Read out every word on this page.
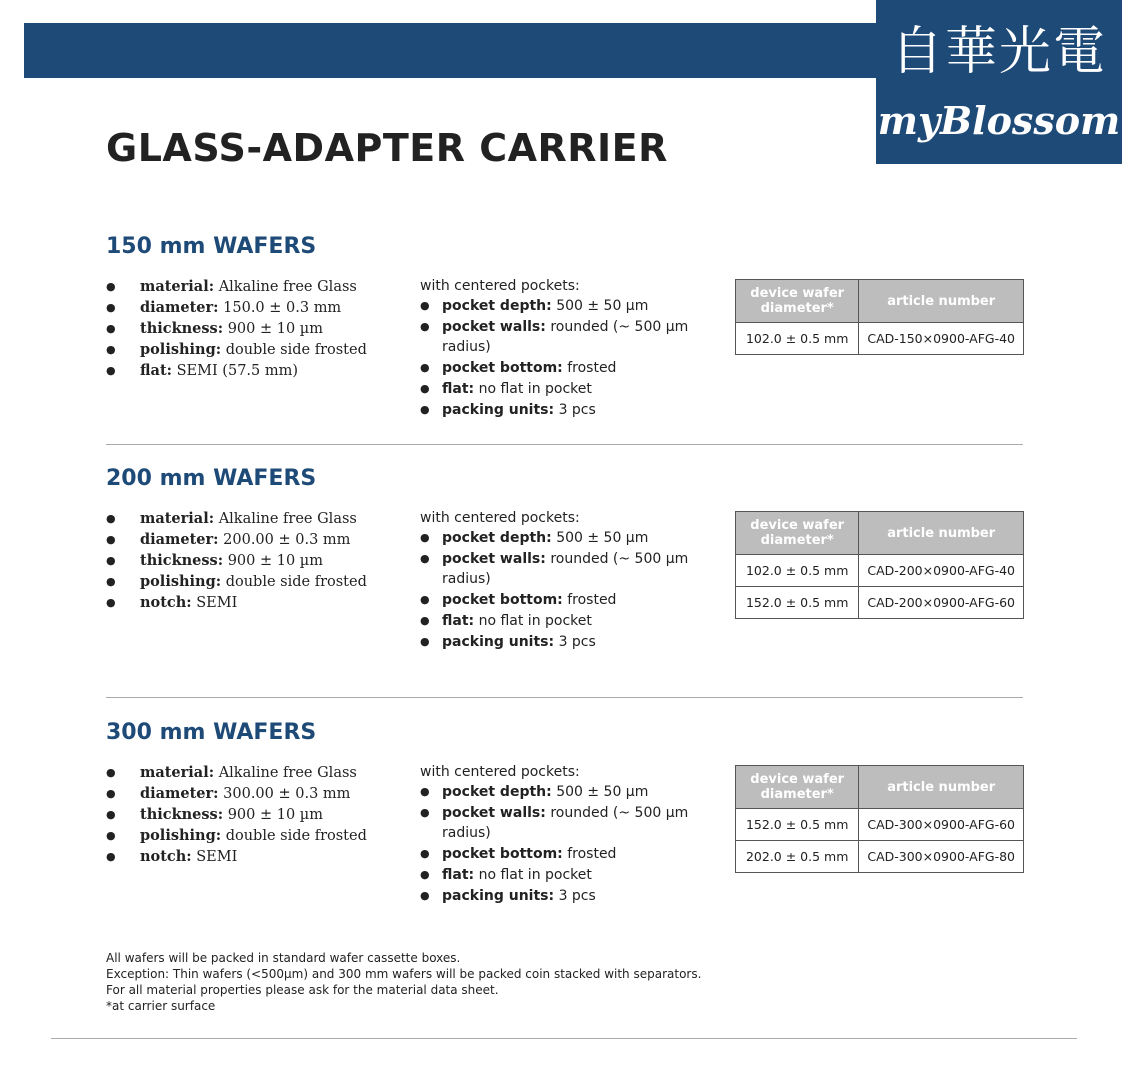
自華光電
myBlossom
GLASS-ADAPTER CARRIER
150 mm WAFERS
● material: Alkaline free Glass
● diameter: 150.0 ± 0.3 mm
● thickness: 900 ± 10 µm
● polishing: double side frosted
● flat: SEMI (57.5 mm)
with centered pockets:
● pocket depth: 500 ± 50 µm
● pocket walls: rounded (~ 500 µm radius)
● pocket bottom: frosted
● flat: no flat in pocket
● packing units: 3 pcs
device wafer diameter*	article number
102.0 ± 0.5 mm	CAD-150×0900-AFG-40
200 mm WAFERS
● material: Alkaline free Glass
● diameter: 200.00 ± 0.3 mm
● thickness: 900 ± 10 µm
● polishing: double side frosted
● notch: SEMI
with centered pockets:
● pocket depth: 500 ± 50 µm
● pocket walls: rounded (~ 500 µm radius)
● pocket bottom: frosted
● flat: no flat in pocket
● packing units: 3 pcs
device wafer diameter*	article number
102.0 ± 0.5 mm	CAD-200×0900-AFG-40
152.0 ± 0.5 mm	CAD-200×0900-AFG-60
300 mm WAFERS
● material: Alkaline free Glass
● diameter: 300.00 ± 0.3 mm
● thickness: 900 ± 10 µm
● polishing: double side frosted
● notch: SEMI
with centered pockets:
● pocket depth: 500 ± 50 µm
● pocket walls: rounded (~ 500 µm radius)
● pocket bottom: frosted
● flat: no flat in pocket
● packing units: 3 pcs
device wafer diameter*	article number
152.0 ± 0.5 mm	CAD-300×0900-AFG-60
202.0 ± 0.5 mm	CAD-300×0900-AFG-80
All wafers will be packed in standard wafer cassette boxes.
Exception: Thin wafers (<500µm) and 300 mm wafers will be packed coin stacked with separators.
For all material properties please ask for the material data sheet.
*at carrier surface
